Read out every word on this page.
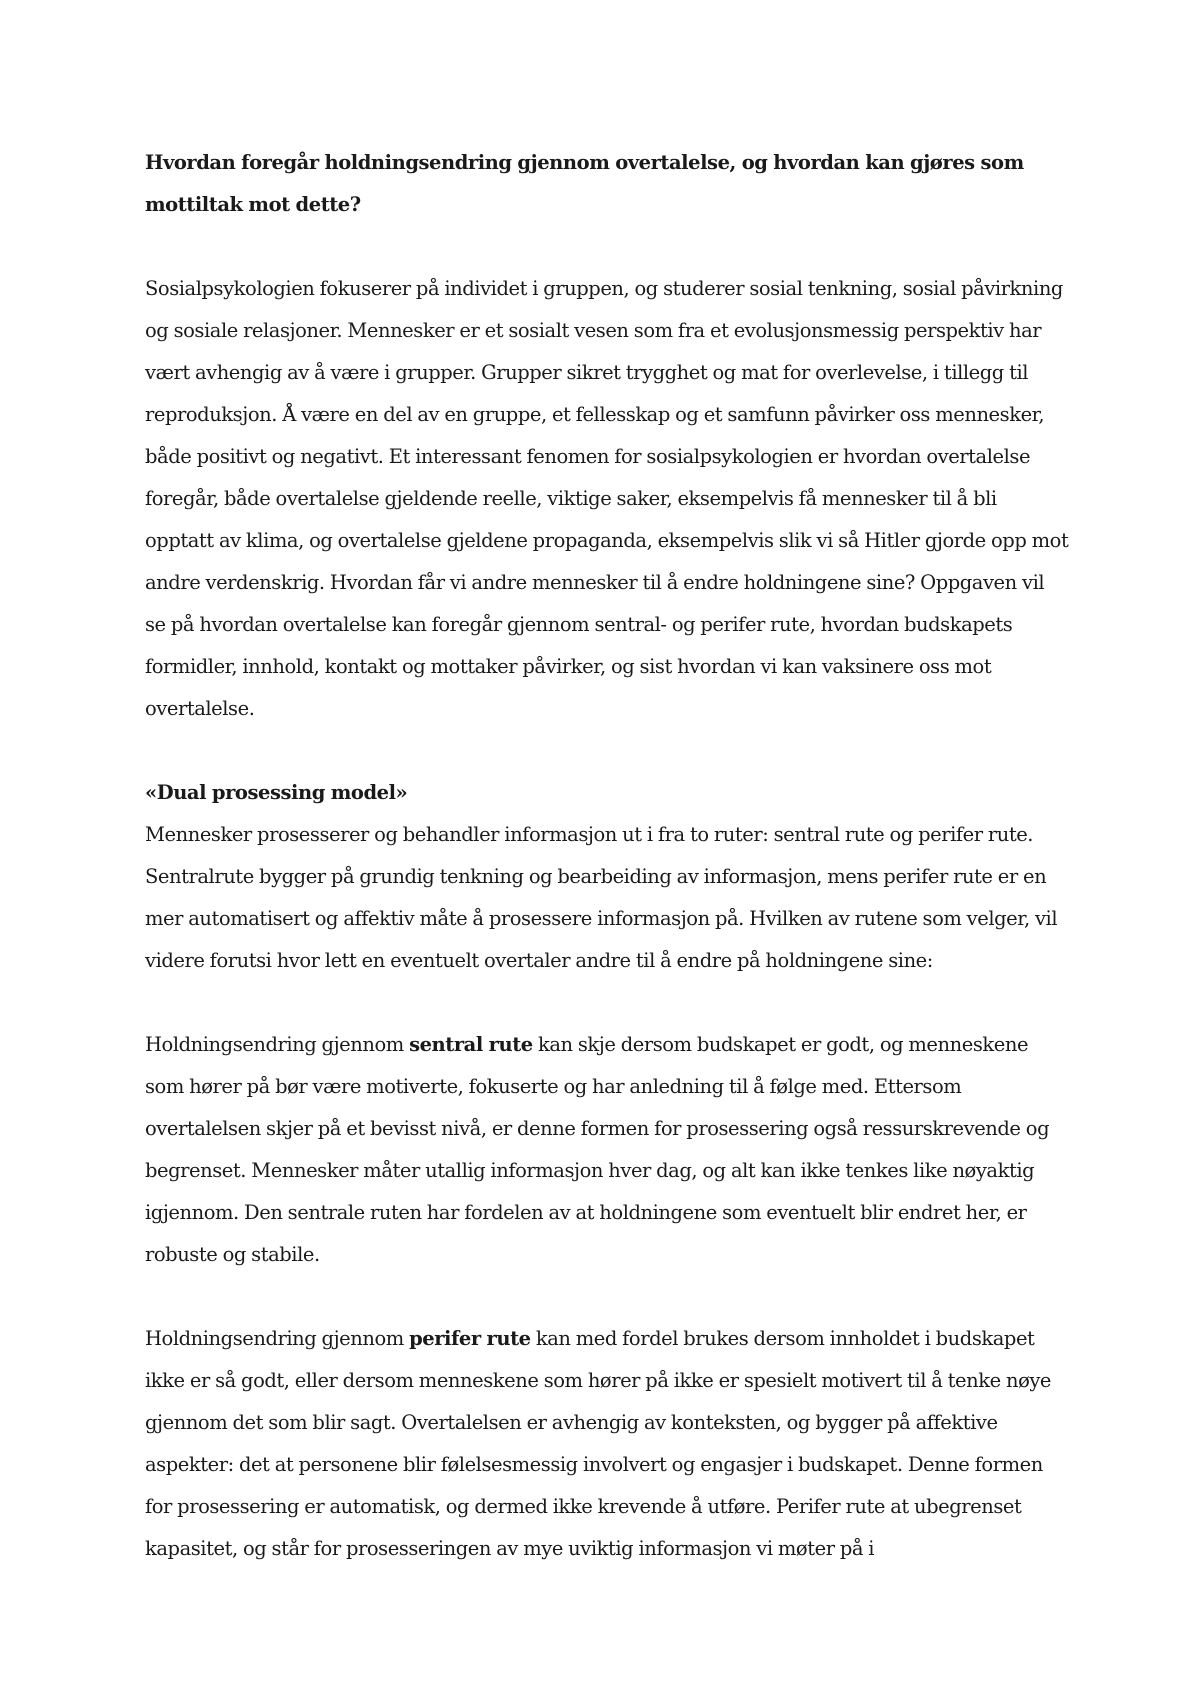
Hvordan foregår holdningsendring gjennom overtalelse, og hvordan kan gjøres som mottiltak mot dette?

Sosialpsykologien fokuserer på individet i gruppen, og studerer sosial tenkning, sosial påvirkning og sosiale relasjoner. Mennesker er et sosialt vesen som fra et evolusjonsmessig perspektiv har vært avhengig av å være i grupper. Grupper sikret trygghet og mat for overlevelse, i tillegg til reproduksjon. Å være en del av en gruppe, et fellesskap og et samfunn påvirker oss mennesker, både positivt og negativt. Et interessant fenomen for sosialpsykologien er hvordan overtalelse foregår, både overtalelse gjeldende reelle, viktige saker, eksempelvis få mennesker til å bli opptatt av klima, og overtalelse gjeldene propaganda, eksempelvis slik vi så Hitler gjorde opp mot andre verdenskrig. Hvordan får vi andre mennesker til å endre holdningene sine? Oppgaven vil se på hvordan overtalelse kan foregår gjennom sentral- og perifer rute, hvordan budskapets formidler, innhold, kontakt og mottaker påvirker, og sist hvordan vi kan vaksinere oss mot overtalelse.

«Dual prosessing model»

Mennesker prosesserer og behandler informasjon ut i fra to ruter: sentral rute og perifer rute. Sentralrute bygger på grundig tenkning og bearbeiding av informasjon, mens perifer rute er en mer automatisert og affektiv måte å prosessere informasjon på. Hvilken av rutene som velger, vil videre forutsi hvor lett en eventuelt overtaler andre til å endre på holdningene sine:

Holdningsendring gjennom sentral rute kan skje dersom budskapet er godt, og menneskene som hører på bør være motiverte, fokuserte og har anledning til å følge med. Ettersom overtalelsen skjer på et bevisst nivå, er denne formen for prosessering også ressurskrevende og begrenset. Mennesker måter utallig informasjon hver dag, og alt kan ikke tenkes like nøyaktig igjennom. Den sentrale ruten har fordelen av at holdningene som eventuelt blir endret her, er robuste og stabile.

Holdningsendring gjennom perifer rute kan med fordel brukes dersom innholdet i budskapet ikke er så godt, eller dersom menneskene som hører på ikke er spesielt motivert til å tenke nøye gjennom det som blir sagt. Overtalelsen er avhengig av konteksten, og bygger på affektive aspekter: det at personene blir følelsesmessig involvert og engasjer i budskapet. Denne formen for prosessering er automatisk, og dermed ikke krevende å utføre. Perifer rute at ubegrenset kapasitet, og står for prosesseringen av mye uviktig informasjon vi møter på i
